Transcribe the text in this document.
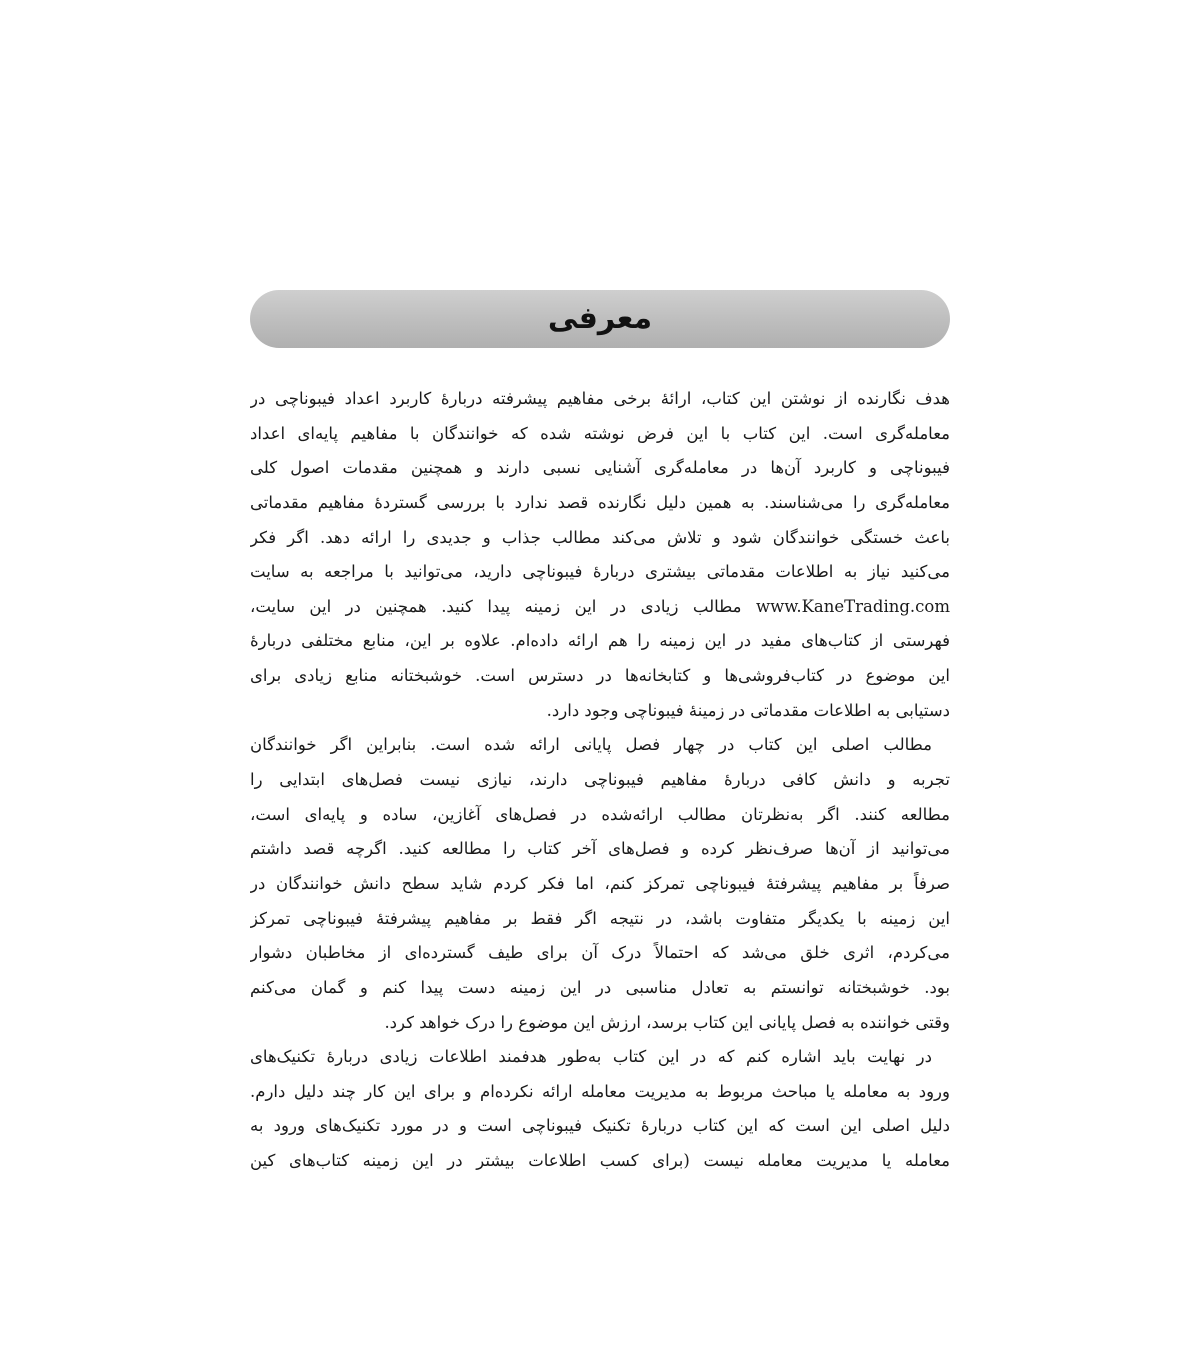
معرفی
هدف نگارنده از نوشتن این کتاب، ارائهٔ برخی مفاهیم پیشرفته دربارهٔ کاربرد اعداد فیبوناچی در
معامله‌گری است. این کتاب با این فرض نوشته شده که خوانندگان با مفاهیم پایه‌ای اعداد
فیبوناچی و کاربرد آن‌ها در معامله‌گری آشنایی نسبی دارند و همچنین مقدمات اصول کلی
معامله‌گری را می‌شناسند. به همین دلیل نگارنده قصد ندارد با بررسی گستردهٔ مفاهیم مقدماتی
باعث خستگی خوانندگان شود و تلاش می‌کند مطالب جذاب و جدیدی را ارائه دهد. اگر فکر
می‌کنید نیاز به اطلاعات مقدماتی بیشتری دربارهٔ فیبوناچی دارید، می‌توانید با مراجعه به سایت
www.KaneTrading.com مطالب زیادی در این زمینه پیدا کنید. همچنین در این سایت،
فهرستی از کتاب‌های مفید در این زمینه را هم ارائه داده‌ام. علاوه بر این، منابع مختلفی دربارهٔ
این موضوع در کتاب‌فروشی‌ها و کتابخانه‌ها در دسترس است. خوشبختانه منابع زیادی برای
دستیابی به اطلاعات مقدماتی در زمینهٔ فیبوناچی وجود دارد.
مطالب اصلی این کتاب در چهار فصل پایانی ارائه شده است. بنابراین اگر خوانندگان
تجربه و دانش کافی دربارهٔ مفاهیم فیبوناچی دارند، نیازی نیست فصل‌های ابتدایی را
مطالعه کنند. اگر به‌نظرتان مطالب ارائه‌شده در فصل‌های آغازین، ساده و پایه‌ای است،
می‌توانید از آن‌ها صرف‌نظر کرده و فصل‌های آخر کتاب را مطالعه کنید. اگرچه قصد داشتم
صرفاً بر مفاهیم پیشرفتهٔ فیبوناچی تمرکز کنم، اما فکر کردم شاید سطح دانش خوانندگان در
این زمینه با یکدیگر متفاوت باشد، در نتیجه اگر فقط بر مفاهیم پیشرفتهٔ فیبوناچی تمرکز
می‌کردم، اثری خلق می‌شد که احتمالاً درک آن برای طیف گسترده‌ای از مخاطبان دشوار
بود. خوشبختانه توانستم به تعادل مناسبی در این زمینه دست پیدا کنم و گمان می‌کنم
وقتی خواننده به فصل پایانی این کتاب برسد، ارزش این موضوع را درک خواهد کرد.
در نهایت باید اشاره کنم که در این کتاب به‌طور هدفمند اطلاعات زیادی دربارهٔ تکنیک‌های
ورود به معامله یا مباحث مربوط به مدیریت معامله ارائه نکرده‌ام و برای این کار چند دلیل دارم.
دلیل اصلی این است که این کتاب دربارهٔ تکنیک فیبوناچی است و در مورد تکنیک‌های ورود به
معامله یا مدیریت معامله نیست (برای کسب اطلاعات بیشتر در این زمینه کتاب‌های کین
